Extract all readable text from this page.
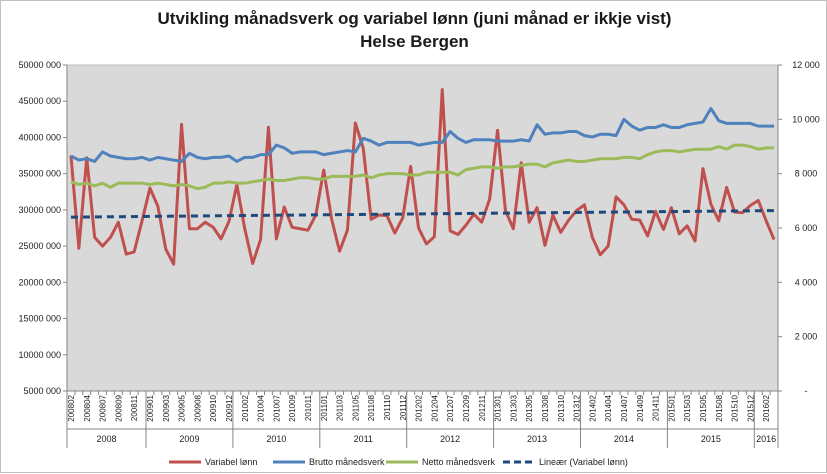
Utvikling månadsverk og variabel lønn (juni månad er ikkje vist)
Helse Bergen
5000 000
10000 000
15000 000
20000 000
25000 000
30000 000
35000 000
40000 000
45000 000
50000 000
-
2 000
4 000
6 000
8 000
10 000
12 000
200802 200804 200807 200809 200811 200901 200903 200905 200908 200910 200912 201002 201004 201007 201009 201011 201101 201103 201105 201108 201110 201112 201202 201204 201207 201209 201211 201301 201303 201305 201308 201310 201312 201402 201404 201407 201409 201411 201501 201503 201505 201508 201510 201512 201602
2008	2009	2010	2011	2012	2013	2014	2015	2016
Variabel lønn	Brutto månedsverk	Netto månedsverk	Lineær (Variabel lønn)
